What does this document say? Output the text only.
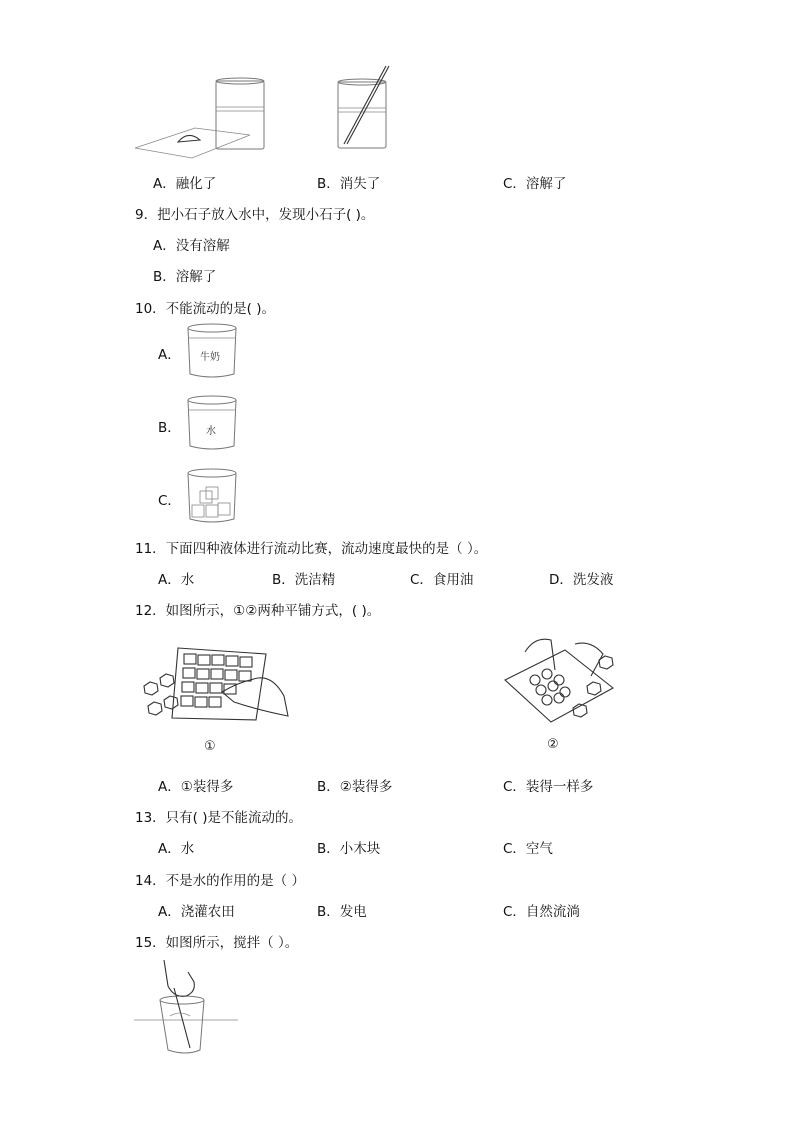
A．融化了	B．消失了	C．溶解了
9．把小石子放入水中，发现小石子( )。
A．没有溶解
B．溶解了
10．不能流动的是( )。
A． 牛奶
B．	水
C．
11．下面四种液体进行流动比赛，流动速度最快的是（ ）。
A．水	B．洗洁精	C．食用油	D．洗发液
12．如图所示，①②两种平铺方式，( )。
①	②
A．①装得多	B．②装得多	C．装得一样多
13．只有( )是不能流动的。
A．水	B．小木块	C．空气
14．不是水的作用的是（ ）
A．浇灌农田	B．发电	C．自然流淌
15．如图所示，搅拌（ ）。
